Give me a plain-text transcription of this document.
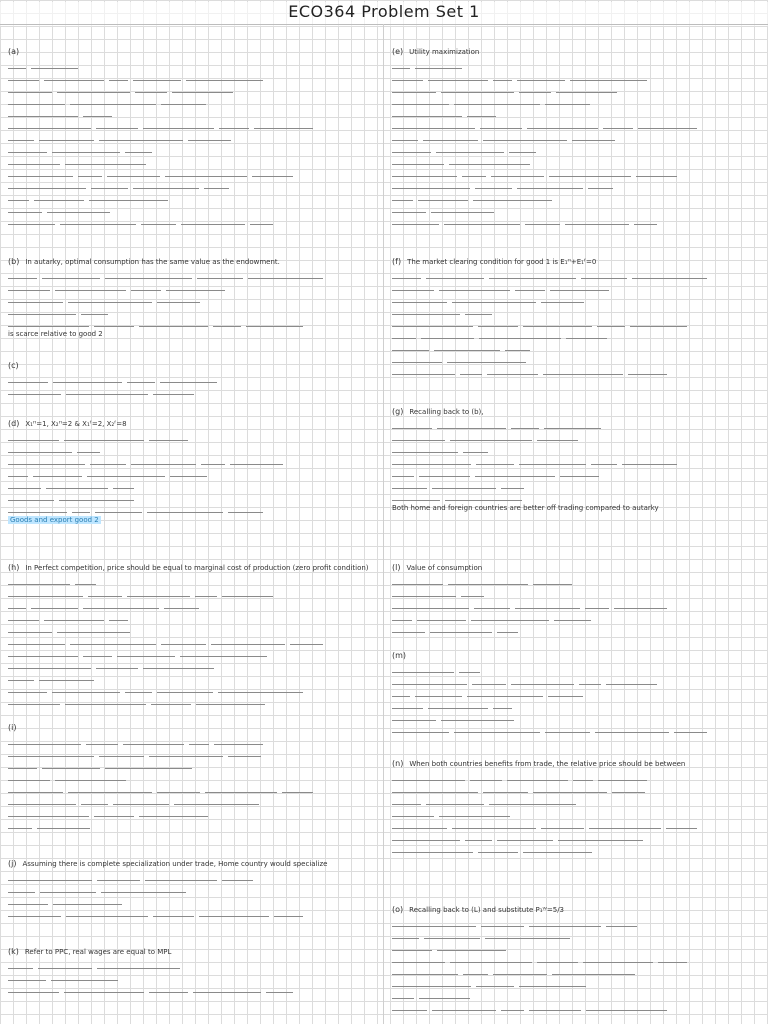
ECO364 Problem Set 1
(a)
(b) In autarky, optimal consumption has the same value as the endowment.
is scarce relative to good 2
(c)
(d) X₁ᴴ=1, X₂ᴴ=2 & X₁ᶠ=2, X₂ᶠ=8
Goods and export good 2
(h) In Perfect competition, price should be equal to marginal cost of production (zero profit condition)
(i)
(j) Assuming there is complete specialization under trade, Home country would specialize
(k) Refer to PPC, real wages are equal to MPL
(e) Utility maximization
(f) The market clearing condition for good 1 is E₁ᴴ+E₁ᶠ=0
(g) Recalling back to (b),
Both home and foreign countries are better off trading compared to autarky
(l) Value of consumption
(m)
(n) When both countries benefits from trade, the relative price should be between
(o) Recalling back to (L) and substitute P₁ᵂ=5/3
